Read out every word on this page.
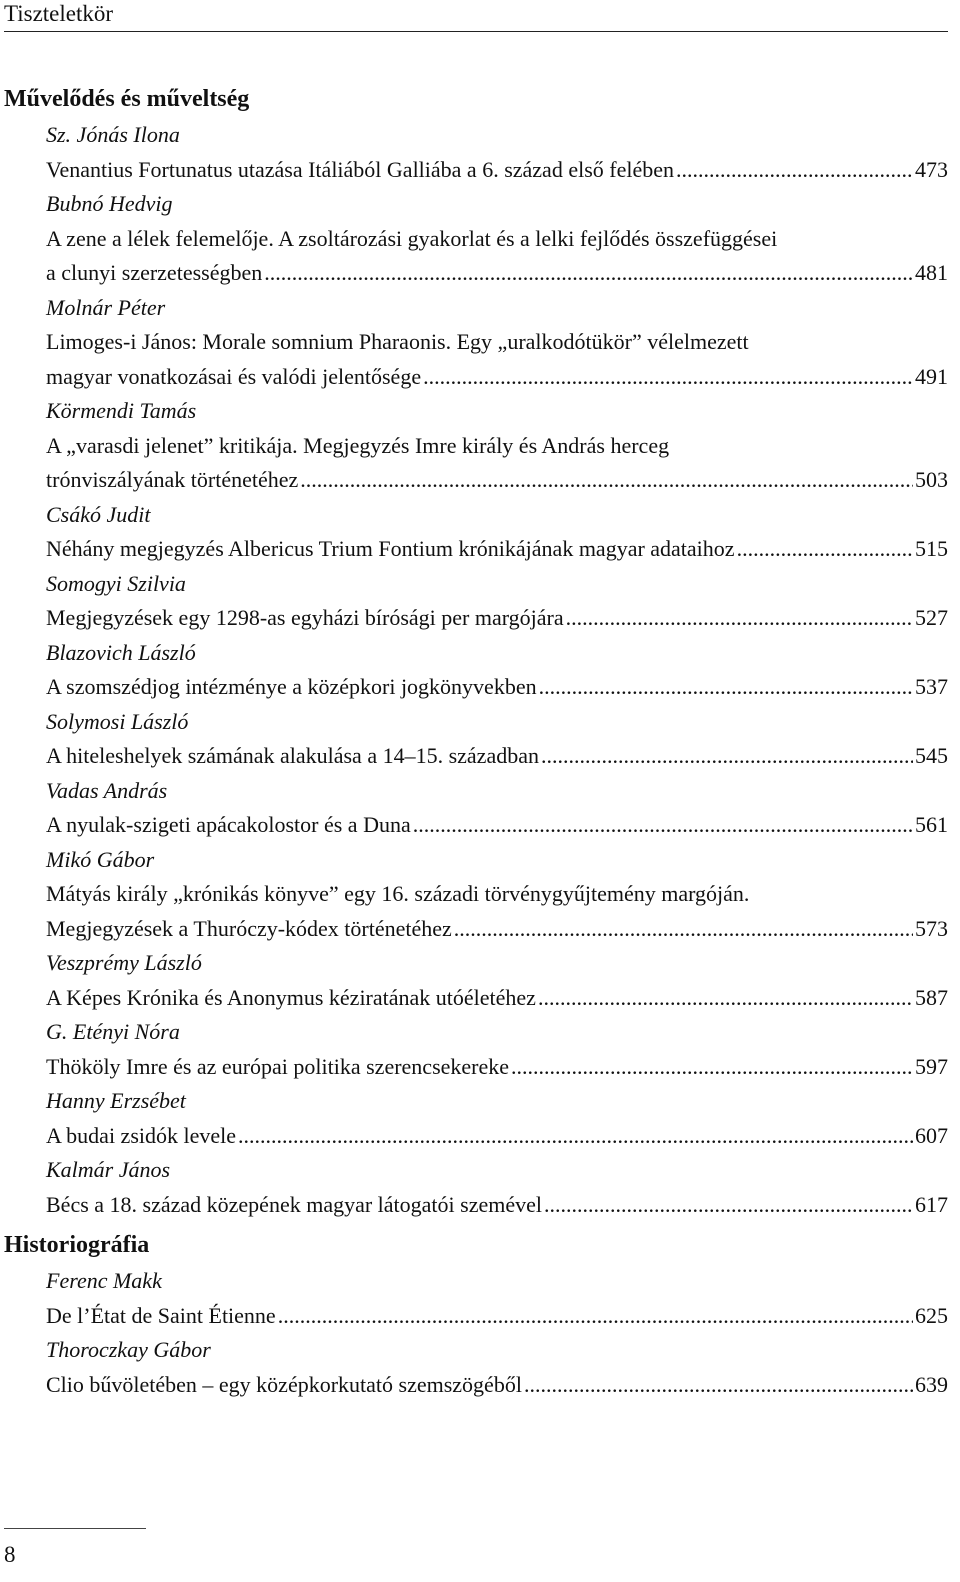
Tiszteletkör
Művelődés és műveltség
Sz. Jónás Ilona
Venantius Fortunatus utazása Itáliából Galliába a 6. század első felében .....	473
Bubnó Hedvig
A zene a lélek felemelője. A zsoltározási gyakorlat és a lelki fejlődés összefüggései
a clunyi szerzetességben .....	481
Molnár Péter
Limoges-i János: Morale somnium Pharaonis. Egy „uralkodótükör” vélelmezett
magyar vonatkozásai és valódi jelentősége .....	491
Körmendi Tamás
A „varasdi jelenet” kritikája. Megjegyzés Imre király és András herceg
trónviszályának történetéhez .....	503
Csákó Judit
Néhány megjegyzés Albericus Trium Fontium krónikájának magyar adataihoz .....	515
Somogyi Szilvia
Megjegyzések egy 1298-as egyházi bírósági per margójára .....	527
Blazovich László
A szomszédjog intézménye a középkori jogkönyvekben .....	537
Solymosi László
A hiteleshelyek számának alakulása a 14–15. században .....	545
Vadas András
A nyulak-szigeti apácakolostor és a Duna .....	561
Mikó Gábor
Mátyás király „krónikás könyve” egy 16. századi törvénygyűjtemény margóján.
Megjegyzések a Thuróczy-kódex történetéhez .....	573
Veszprémy László
A Képes Krónika és Anonymus kéziratának utóéletéhez .....	587
G. Etényi Nóra
Thököly Imre és az európai politika szerencsekereke .....	597
Hanny Erzsébet
A budai zsidók levele .....	607
Kalmár János
Bécs a 18. század közepének magyar látogatói szemével .....	617
Historiográfia
Ferenc Makk
De l’État de Saint Étienne .....	625
Thoroczkay Gábor
Clio bűvöletében – egy középkorkutató szemszögéből .....	639
8
